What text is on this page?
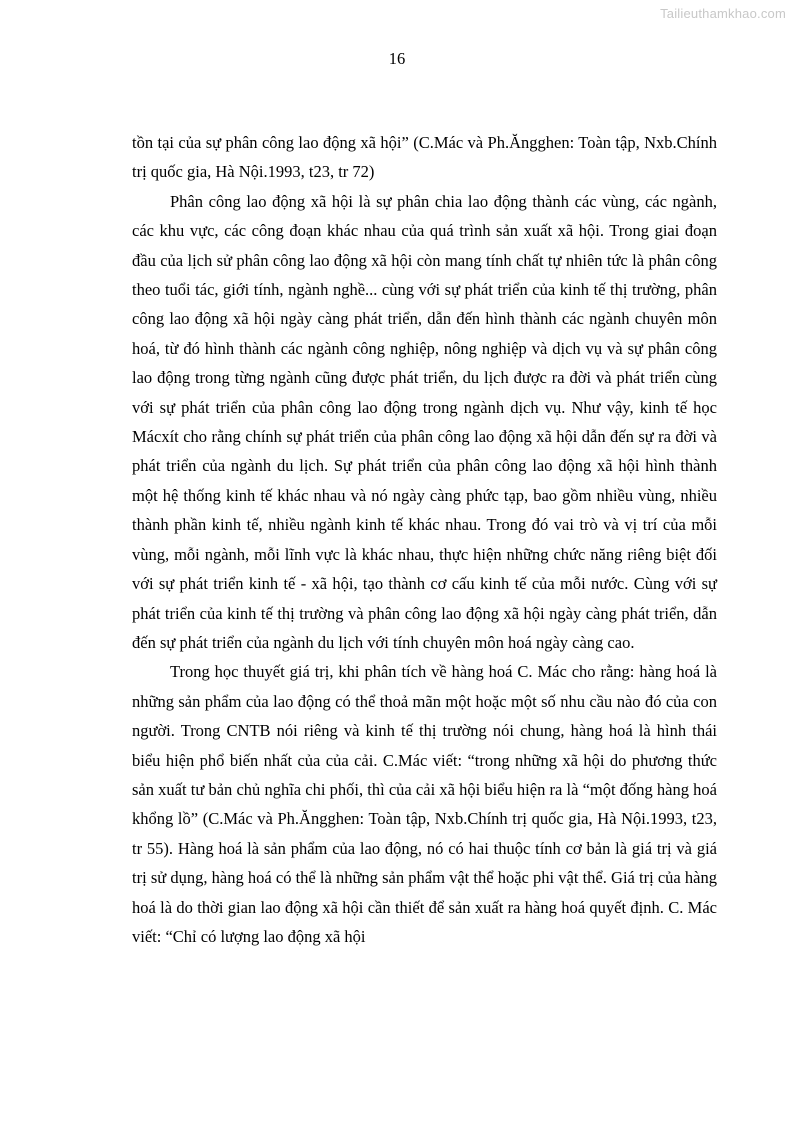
Tailieuthamkhao.com
16

tồn tại của sự phân công lao động xã hội” (C.Mác và Ph.Ăngghen: Toàn tập, Nxb.Chính trị quốc gia, Hà Nội.1993, t23, tr 72)

Phân công lao động xã hội là sự phân chia lao động thành các vùng, các ngành, các khu vực, các công đoạn khác nhau của quá trình sản xuất xã hội. Trong giai đoạn đầu của lịch sử phân công lao động xã hội còn mang tính chất tự nhiên tức là phân công theo tuổi tác, giới tính, ngành nghề... cùng với sự phát triển của kinh tế thị trường, phân công lao động xã hội ngày càng phát triển, dẫn đến hình thành các ngành chuyên môn hoá, từ đó hình thành các ngành công nghiệp, nông nghiệp và dịch vụ và sự phân công lao động trong từng ngành cũng được phát triển, du lịch được ra đời và phát triển cùng với sự phát triển của phân công lao động trong ngành dịch vụ. Như vậy, kinh tế học Mácxít cho rằng chính sự phát triển của phân công lao động xã hội dẫn đến sự ra đời và phát triển của ngành du lịch. Sự phát triển của phân công lao động xã hội hình thành một hệ thống kinh tế khác nhau và nó ngày càng phức tạp, bao gồm nhiều vùng, nhiều thành phần kinh tế, nhiều ngành kinh tế khác nhau. Trong đó vai trò và vị trí của mỗi vùng, mỗi ngành, mỗi lĩnh vực là khác nhau, thực hiện những chức năng riêng biệt đối với sự phát triển kinh tế - xã hội, tạo thành cơ cấu kinh tế của mỗi nước. Cùng với sự phát triển của kinh tế thị trường và phân công lao động xã hội ngày càng phát triển, dẫn đến sự phát triển của ngành du lịch với tính chuyên môn hoá ngày càng cao.

Trong học thuyết giá trị, khi phân tích về hàng hoá C. Mác cho rằng: hàng hoá là những sản phẩm của lao động có thể thoả mãn một hoặc một số nhu cầu nào đó của con người. Trong CNTB nói riêng và kinh tế thị trường nói chung, hàng hoá là hình thái biểu hiện phổ biến nhất của của cải. C.Mác viết: “trong những xã hội do phương thức sản xuất tư bản chủ nghĩa chi phối, thì của cải xã hội biểu hiện ra là “một đống hàng hoá khổng lồ” (C.Mác và Ph.Ăngghen: Toàn tập, Nxb.Chính trị quốc gia, Hà Nội.1993, t23, tr 55). Hàng hoá là sản phẩm của lao động, nó có hai thuộc tính cơ bản là giá trị và giá trị sử dụng, hàng hoá có thể là những sản phẩm vật thể hoặc phi vật thể. Giá trị của hàng hoá là do thời gian lao động xã hội cần thiết để sản xuất ra hàng hoá quyết định. C. Mác viết: “Chỉ có lượng lao động xã hội
